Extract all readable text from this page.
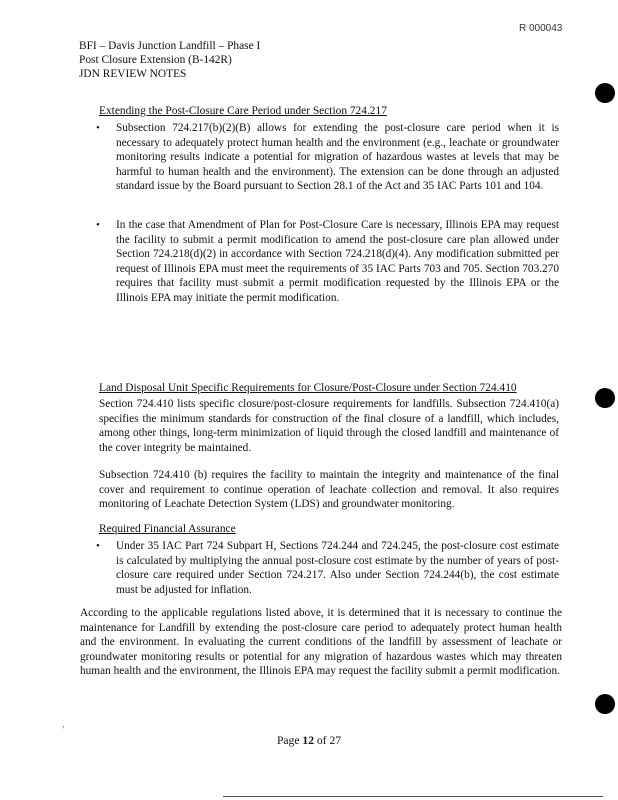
R 000043
BFI – Davis Junction Landfill – Phase I
Post Closure Extension (B-142R)
JDN REVIEW NOTES
Extending the Post-Closure Care Period under Section 724.217
• Subsection 724.217(b)(2)(B) allows for extending the post-closure care period when it is necessary to adequately protect human health and the environment (e.g., leachate or groundwater monitoring results indicate a potential for migration of hazardous wastes at levels that may be harmful to human health and the environment). The extension can be done through an adjusted standard issue by the Board pursuant to Section 28.1 of the Act and 35 IAC Parts 101 and 104.
• In the case that Amendment of Plan for Post-Closure Care is necessary, Illinois EPA may request the facility to submit a permit modification to amend the post-closure care plan allowed under Section 724.218(d)(2) in accordance with Section 724.218(d)(4). Any modification submitted per request of Illinois EPA must meet the requirements of 35 IAC Parts 703 and 705. Section 703.270 requires that facility must submit a permit modification requested by the Illinois EPA or the Illinois EPA may initiate the permit modification.
Land Disposal Unit Specific Requirements for Closure/Post-Closure under Section 724.410
Section 724.410 lists specific closure/post-closure requirements for landfills. Subsection 724.410(a) specifies the minimum standards for construction of the final closure of a landfill, which includes, among other things, long-term minimization of liquid through the closed landfill and maintenance of the cover integrity be maintained.
Subsection 724.410 (b) requires the facility to maintain the integrity and maintenance of the final cover and requirement to continue operation of leachate collection and removal. It also requires monitoring of Leachate Detection System (LDS) and groundwater monitoring.
Required Financial Assurance
• Under 35 IAC Part 724 Subpart H, Sections 724.244 and 724.245, the post-closure cost estimate is calculated by multiplying the annual post-closure cost estimate by the number of years of post-closure care required under Section 724.217. Also under Section 724.244(b), the cost estimate must be adjusted for inflation.
According to the applicable regulations listed above, it is determined that it is necessary to continue the maintenance for Landfill by extending the post-closure care period to adequately protect human health and the environment. In evaluating the current conditions of the landfill by assessment of leachate or groundwater monitoring results or potential for any migration of hazardous wastes which may threaten human health and the environment, the Illinois EPA may request the facility submit a permit modification.
,
Page 12 of 27
